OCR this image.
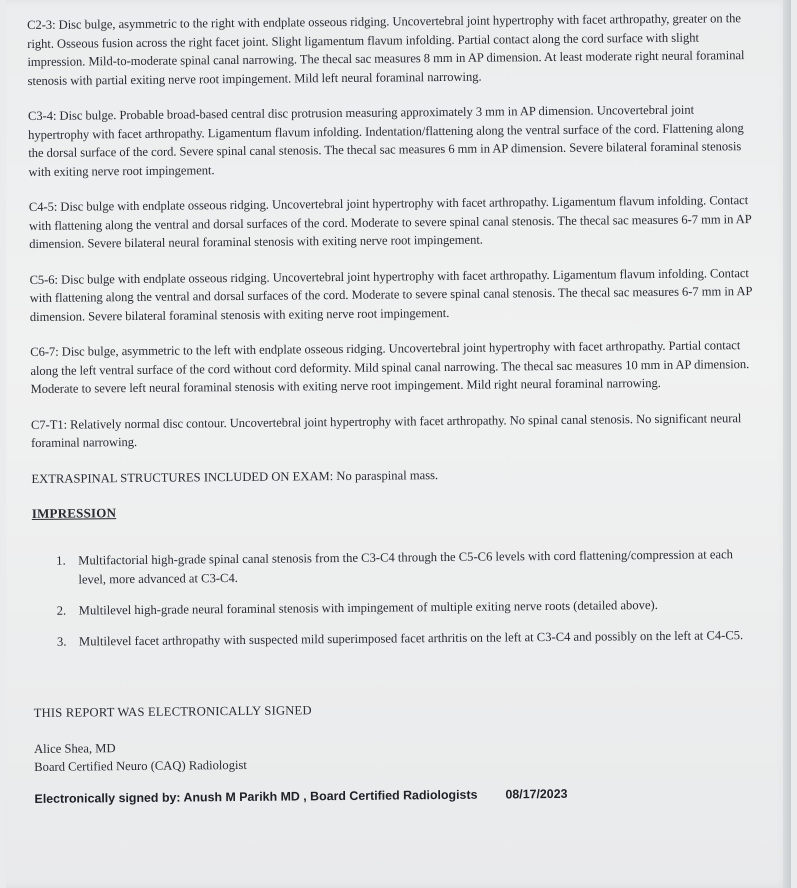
C2-3: Disc bulge, asymmetric to the right with endplate osseous ridging. Uncovertebral joint hypertrophy with facet arthropathy, greater on the right. Osseous fusion across the right facet joint. Slight ligamentum flavum infolding. Partial contact along the cord surface with slight impression. Mild-to-moderate spinal canal narrowing. The thecal sac measures 8 mm in AP dimension. At least moderate right neural foraminal stenosis with partial exiting nerve root impingement. Mild left neural foraminal narrowing.

C3-4: Disc bulge. Probable broad-based central disc protrusion measuring approximately 3 mm in AP dimension. Uncovertebral joint hypertrophy with facet arthropathy. Ligamentum flavum infolding. Indentation/flattening along the ventral surface of the cord. Flattening along the dorsal surface of the cord. Severe spinal canal stenosis. The thecal sac measures 6 mm in AP dimension. Severe bilateral foraminal stenosis with exiting nerve root impingement.

C4-5: Disc bulge with endplate osseous ridging. Uncovertebral joint hypertrophy with facet arthropathy. Ligamentum flavum infolding. Contact with flattening along the ventral and dorsal surfaces of the cord. Moderate to severe spinal canal stenosis. The thecal sac measures 6-7 mm in AP dimension. Severe bilateral neural foraminal stenosis with exiting nerve root impingement.

C5-6: Disc bulge with endplate osseous ridging. Uncovertebral joint hypertrophy with facet arthropathy. Ligamentum flavum infolding. Contact with flattening along the ventral and dorsal surfaces of the cord. Moderate to severe spinal canal stenosis. The thecal sac measures 6-7 mm in AP dimension. Severe bilateral foraminal stenosis with exiting nerve root impingement.

C6-7: Disc bulge, asymmetric to the left with endplate osseous ridging. Uncovertebral joint hypertrophy with facet arthropathy. Partial contact along the left ventral surface of the cord without cord deformity. Mild spinal canal narrowing. The thecal sac measures 10 mm in AP dimension. Moderate to severe left neural foraminal stenosis with exiting nerve root impingement. Mild right neural foraminal narrowing.

C7-T1: Relatively normal disc contour. Uncovertebral joint hypertrophy with facet arthropathy. No spinal canal stenosis. No significant neural foraminal narrowing.

EXTRASPINAL STRUCTURES INCLUDED ON EXAM: No paraspinal mass.

IMPRESSION
1. Multifactorial high-grade spinal canal stenosis from the C3-C4 through the C5-C6 levels with cord flattening/compression at each level, more advanced at C3-C4.
2. Multilevel high-grade neural foraminal stenosis with impingement of multiple exiting nerve roots (detailed above).
3. Multilevel facet arthropathy with suspected mild superimposed facet arthritis on the left at C3-C4 and possibly on the left at C4-C5.
THIS REPORT WAS ELECTRONICALLY SIGNED
Alice Shea, MD
Board Certified Neuro (CAQ) Radiologist
Electronically signed by: Anush M Parikh MD , Board Certified Radiologists 08/17/2023
